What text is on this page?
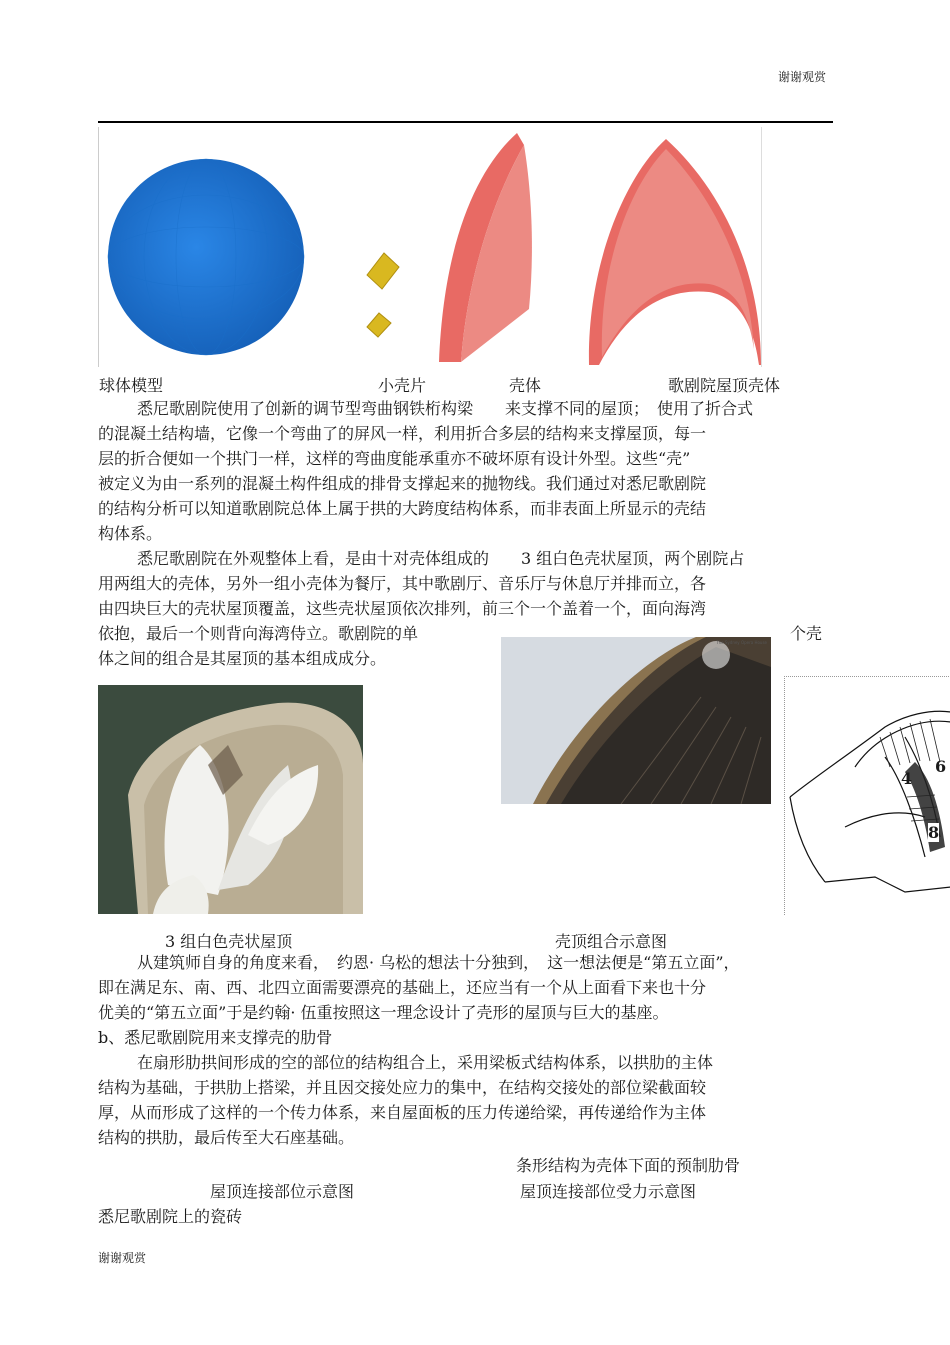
谢谢观赏
球体模型	小壳片	壳体	歌剧院屋顶壳体
悉尼歌剧院使用了创新的调节型弯曲钢铁桁构梁　　来支撑不同的屋顶；　使用了折合式
的混凝土结构墙，它像一个弯曲了的屏风一样，利用折合多层的结构来支撑屋顶，每一
层的折合便如一个拱门一样，这样的弯曲度能承重亦不破坏原有设计外型。这些“壳”
被定义为由一系列的混凝土构件组成的排骨支撑起来的抛物线。我们通过对悉尼歌剧院
的结构分析可以知道歌剧院总体上属于拱的大跨度结构体系，而非表面上所显示的壳结
构体系。
悉尼歌剧院在外观整体上看，是由十对壳体组成的　　3 组白色壳状屋顶，两个剧院占
用两组大的壳体，另外一组小壳体为餐厅，其中歌剧厅、音乐厅与休息厅并排而立，各
由四块巨大的壳状屋顶覆盖，这些壳状屋顶依次排列，前三个一个盖着一个，面向海湾
依抱，最后一个则背向海湾侍立。歌剧院的单	个壳
体之间的组合是其屋顶的基本组成成分。
The Sydney Opera House
4
6
8
3 组白色壳状屋顶	壳顶组合示意图
从建筑师自身的角度来看，　约恩· 乌松的想法十分独到，　这一想法便是“第五立面”，
即在满足东、南、西、北四立面需要漂亮的基础上，还应当有一个从上面看下来也十分
优美的“第五立面”于是约翰· 伍重按照这一理念设计了壳形的屋顶与巨大的基座。
b、悉尼歌剧院用来支撑壳的肋骨
在扇形肋拱间形成的空的部位的结构组合上，采用梁板式结构体系，以拱肋的主体
结构为基础，于拱肋上搭梁，并且因交接处应力的集中，在结构交接处的部位梁截面较
厚，从而形成了这样的一个传力体系，来自屋面板的压力传递给梁，再传递给作为主体
结构的拱肋，最后传至大石座基础。
条形结构为壳体下面的预制肋骨
屋顶连接部位示意图	屋顶连接部位受力示意图
悉尼歌剧院上的瓷砖
谢谢观赏
